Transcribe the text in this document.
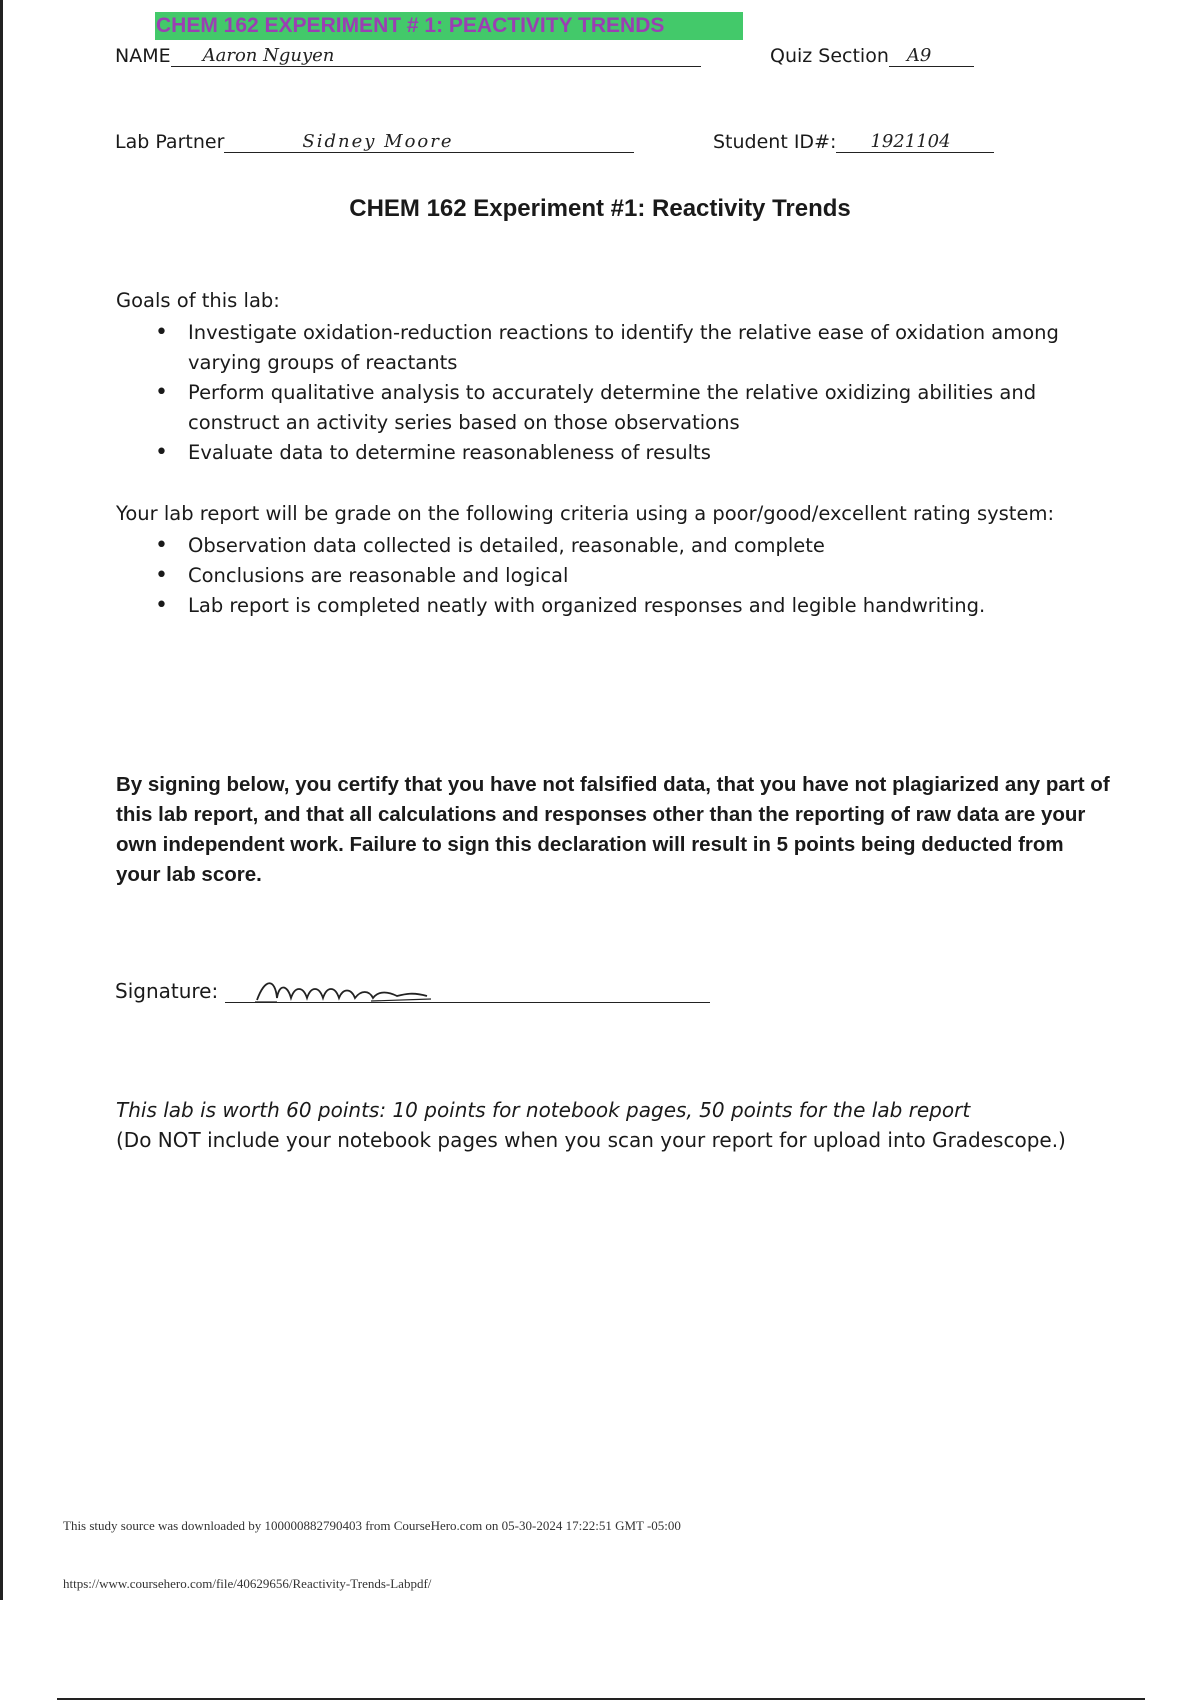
CHEM 162 EXPERIMENT # 1: PEACTIVITY TRENDS
NAME Aaron Nguyen	Quiz Section A9
Lab Partner	Sidney Moore	Student ID#: 1921104
CHEM 162 Experiment #1: Reactivity Trends
Goals of this lab:
• Investigate oxidation-reduction reactions to identify the relative ease of oxidation among varying groups of reactants
• Perform qualitative analysis to accurately determine the relative oxidizing abilities and construct an activity series based on those observations
• Evaluate data to determine reasonableness of results
Your lab report will be grade on the following criteria using a poor/good/excellent rating system:
• Observation data collected is detailed, reasonable, and complete
• Conclusions are reasonable and logical
• Lab report is completed neatly with organized responses and legible handwriting.
By signing below, you certify that you have not falsified data, that you have not plagiarized any part of this lab report, and that all calculations and responses other than the reporting of raw data are your own independent work. Failure to sign this declaration will result in 5 points being deducted from your lab score.
Signature:
This lab is worth 60 points: 10 points for notebook pages, 50 points for the lab report
(Do NOT include your notebook pages when you scan your report for upload into Gradescope.)
This study source was downloaded by 100000882790403 from CourseHero.com on 05-30-2024 17:22:51 GMT -05:00
https://www.coursehero.com/file/40629656/Reactivity-Trends-Labpdf/
